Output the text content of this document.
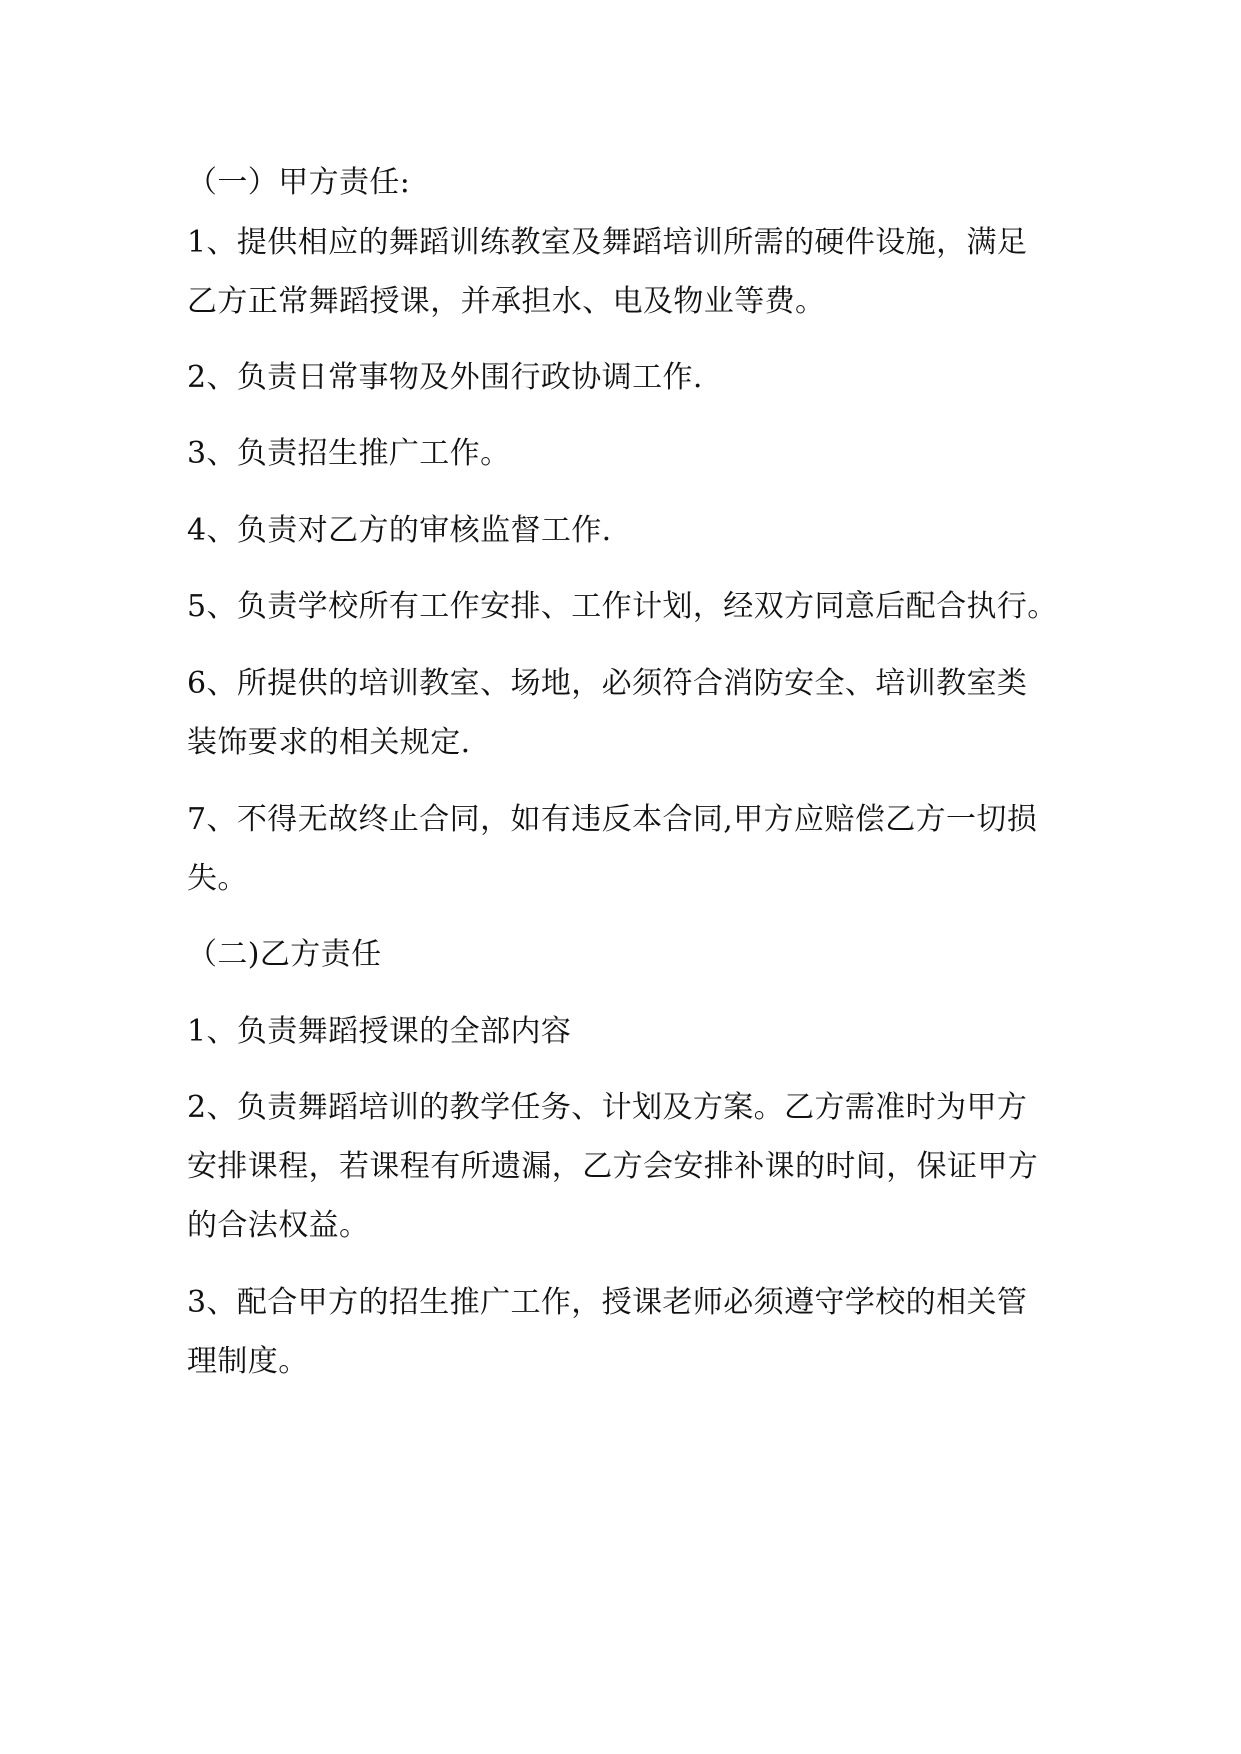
（一）甲方责任:
1、提供相应的舞蹈训练教室及舞蹈培训所需的硬件设施，满足
乙方正常舞蹈授课，并承担水、电及物业等费。
2、负责日常事物及外围行政协调工作.
3、负责招生推广工作。
4、负责对乙方的审核监督工作.
5、负责学校所有工作安排、工作计划，经双方同意后配合执行。
6、所提供的培训教室、场地，必须符合消防安全、培训教室类
装饰要求的相关规定.
7、不得无故终止合同，如有违反本合同,甲方应赔偿乙方一切损
失。
（二)乙方责任
1、负责舞蹈授课的全部内容
2、负责舞蹈培训的教学任务、计划及方案。乙方需准时为甲方
安排课程，若课程有所遗漏，乙方会安排补课的时间，保证甲方
的合法权益。
3、配合甲方的招生推广工作，授课老师必须遵守学校的相关管
理制度。
